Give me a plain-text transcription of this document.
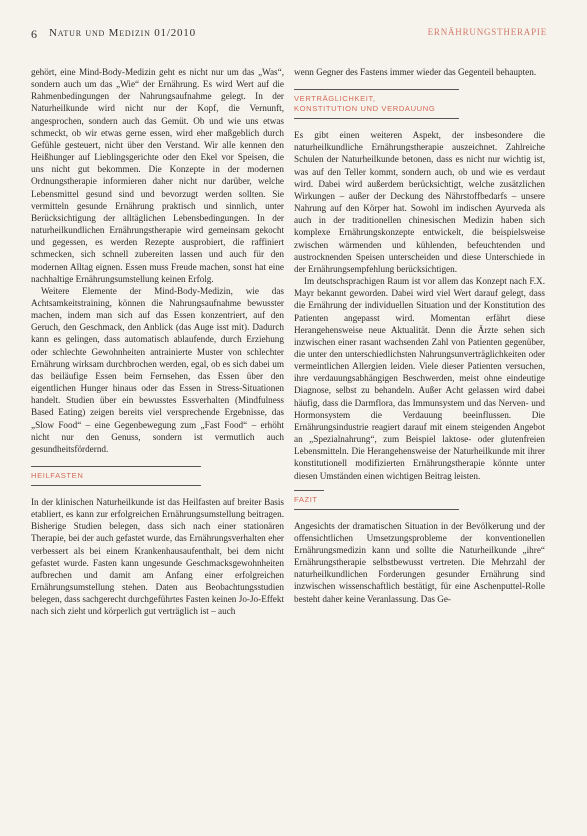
6 Natur und Medizin 01/2010	ERNÄHRUNGSTHERAPIE

gehört, eine Mind-Body-Medizin geht es nicht nur um das „Was“, sondern auch um das „Wie“ der Ernährung. Es wird Wert auf die Rahmenbedingungen der Nahrungsaufnahme gelegt. In der Naturheilkunde wird nicht nur der Kopf, die Vernunft, angesprochen, sondern auch das Gemüt. Ob und wie uns etwas schmeckt, ob wir etwas gerne essen, wird eher maßgeblich durch Gefühle gesteuert, nicht über den Verstand. Wir alle kennen den Heißhunger auf Lieblingsgerichte oder den Ekel vor Speisen, die uns nicht gut bekommen. Die Konzepte in der modernen Ordnungstherapie informieren daher nicht nur darüber, welche Lebensmittel gesund sind und bevorzugt werden sollten. Sie vermitteln gesunde Ernährung praktisch und sinnlich, unter Berücksichtigung der alltäglichen Lebensbedingungen. In der naturheilkundlichen Ernährungstherapie wird gemeinsam gekocht und gegessen, es werden Rezepte ausprobiert, die raffiniert schmecken, sich schnell zubereiten lassen und auch für den modernen Alltag eignen. Essen muss Freude machen, sonst hat eine nachhaltige Ernährungsumstellung keinen Erfolg.

Weitere Elemente der Mind-Body-Medizin, wie das Achtsamkeitstraining, können die Nahrungsaufnahme bewusster machen, indem man sich auf das Essen konzentriert, auf den Geruch, den Geschmack, den Anblick (das Auge isst mit). Dadurch kann es gelingen, dass automatisch ablaufende, durch Erziehung oder schlechte Gewohnheiten antrainierte Muster von schlechter Ernährung wirksam durchbrochen werden, egal, ob es sich dabei um das beiläufige Essen beim Fernsehen, das Essen über den eigentlichen Hunger hinaus oder das Essen in Stress-Situationen handelt. Studien über ein bewusstes Essverhalten (Mindfulness Based Eating) zeigen bereits viel versprechende Ergebnisse, das „Slow Food“ – eine Gegenbewegung zum „Fast Food“ – erhöht nicht nur den Genuss, sondern ist vermutlich auch gesundheitsfördernd.

HEILFASTEN

In der klinischen Naturheilkunde ist das Heilfasten auf breiter Basis etabliert, es kann zur erfolgreichen Ernährungsumstellung beitragen. Bisherige Studien belegen, dass sich nach einer stationären Therapie, bei der auch gefastet wurde, das Ernährungsverhalten eher verbessert als bei einem Krankenhausaufenthalt, bei dem nicht gefastet wurde. Fasten kann ungesunde Geschmacksgewohnheiten aufbrechen und damit am Anfang einer erfolgreichen Ernährungsumstellung stehen. Daten aus Beobachtungsstudien belegen, dass sachgerecht durchgeführtes Fasten keinen Jo-Jo-Effekt nach sich zieht und körperlich gut verträglich ist – auch

wenn Gegner des Fastens immer wieder das Gegenteil behaupten.

VERTRÄGLICHKEIT,
KONSTITUTION UND VERDAUUNG

Es gibt einen weiteren Aspekt, der insbesondere die naturheilkundliche Ernährungstherapie auszeichnet. Zahlreiche Schulen der Naturheilkunde betonen, dass es nicht nur wichtig ist, was auf den Teller kommt, sondern auch, ob und wie es verdaut wird. Dabei wird außerdem berücksichtigt, welche zusätzlichen Wirkungen – außer der Deckung des Nährstoffbedarfs – unsere Nahrung auf den Körper hat. Sowohl im indischen Ayurveda als auch in der traditionellen chinesischen Medizin haben sich komplexe Ernährungskonzepte entwickelt, die beispielsweise zwischen wärmenden und kühlenden, befeuchtenden und austrocknenden Speisen unterscheiden und diese Unterschiede in der Ernährungsempfehlung berücksichtigen.

Im deutschsprachigen Raum ist vor allem das Konzept nach F.X. Mayr bekannt geworden. Dabei wird viel Wert darauf gelegt, dass die Ernährung der individuellen Situation und der Konstitution des Patienten angepasst wird. Momentan erfährt diese Herangehensweise neue Aktualität. Denn die Ärzte sehen sich inzwischen einer rasant wachsenden Zahl von Patienten gegenüber, die unter den unterschiedlichsten Nahrungsunverträglichkeiten oder vermeintlichen Allergien leiden. Viele dieser Patienten versuchen, ihre verdauungsabhängigen Beschwerden, meist ohne eindeutige Diagnose, selbst zu behandeln. Außer Acht gelassen wird dabei häufig, dass die Darmflora, das Immunsystem und das Nerven- und Hormonsystem die Verdauung beeinflussen. Die Ernährungsindustrie reagiert darauf mit einem steigenden Angebot an „Spezialnahrung“, zum Beispiel laktose- oder glutenfreien Lebensmitteln. Die Herangehensweise der Naturheilkunde mit ihrer konstitutionell modifizierten Ernährungstherapie könnte unter diesen Umständen einen wichtigen Beitrag leisten.

FAZIT

Angesichts der dramatischen Situation in der Bevölkerung und der offensichtlichen Umsetzungsprobleme der konventionellen Ernährungsmedizin kann und sollte die Naturheilkunde „ihre“ Ernährungstherapie selbstbewusst vertreten. Die Mehrzahl der naturheilkundlichen Forderungen gesunder Ernährung sind inzwischen wissenschaftlich bestätigt, für eine Aschenputtel-Rolle besteht daher keine Veranlassung. Das Ge-
